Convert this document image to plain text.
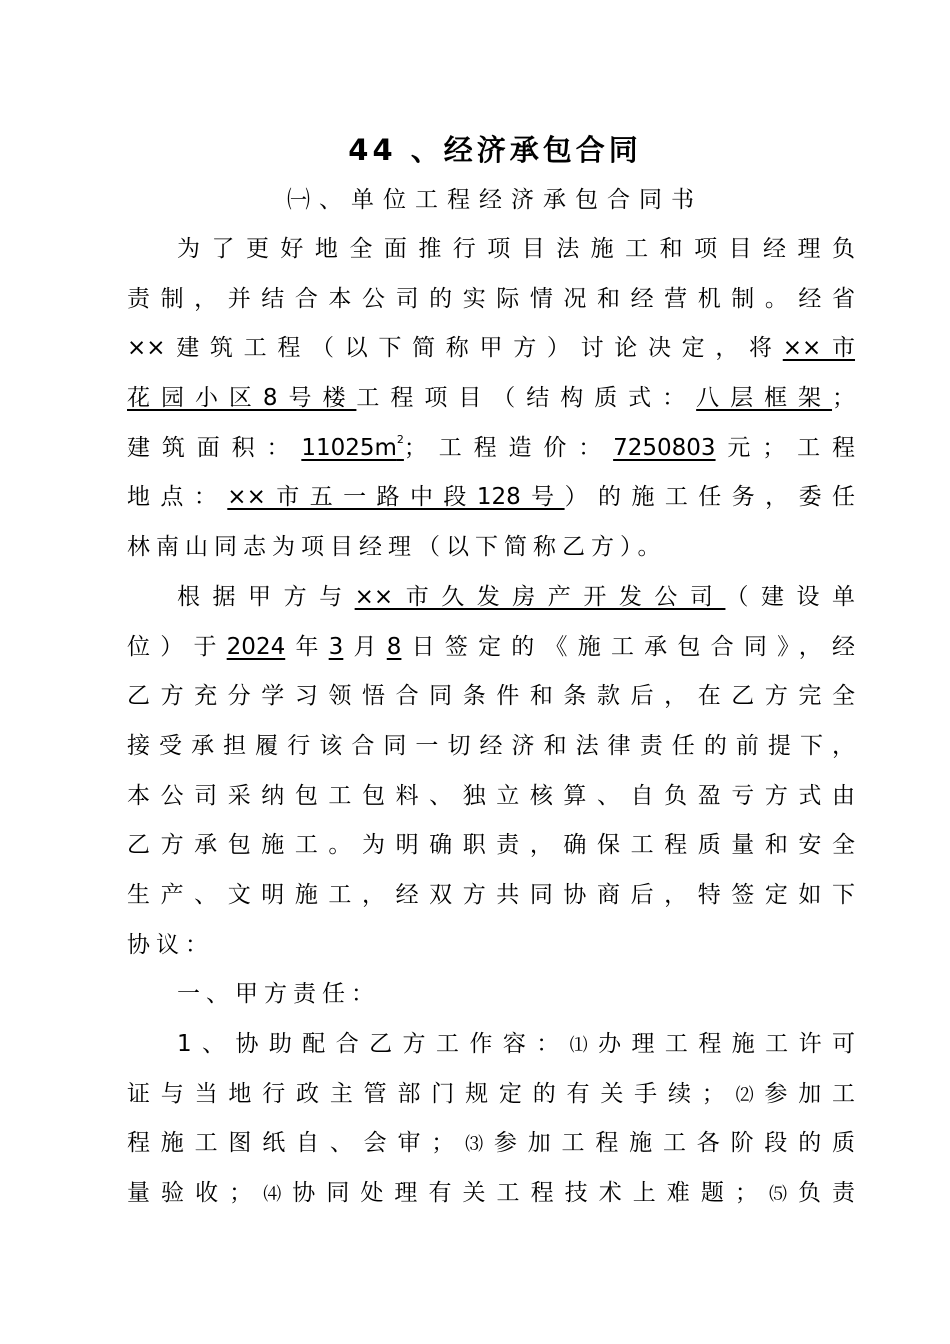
44 、经济承包合同
㈠、单位工程经济承包合同书
为了更好地全面推行项目法施工和项目经理负
责制，并结合本公司的实际情况和经营机制。经省
××建筑工程（以下简称甲方）讨论决定，将××市
花园小区8号楼工程项目（结构质式：八层框架；
建筑面积：$11025m^2$；工程造价：7250803元；工程
地点：××市五一路中段128号）的施工任务，委任
林南山同志为项目经理（以下简称乙方）。
根据甲方与××市久发房产开发公司（建设单
位）于2024年3月8日签定的《施工承包合同》，经
乙方充分学习领悟合同条件和条款后，在乙方完全
接受承担履行该合同一切经济和法律责任的前提下，
本公司采纳包工包料、独立核算、自负盈亏方式由
乙方承包施工。为明确职责，确保工程质量和安全
生产、文明施工，经双方共同协商后，特签定如下
协议：
一、甲方责任：
1、协助配合乙方工作容：⑴办理工程施工许可
证与当地行政主管部门规定的有关手续；⑵参加工
程施工图纸自、会审；⑶参加工程施工各阶段的质
量验收；⑷协同处理有关工程技术上难题；⑸负责
